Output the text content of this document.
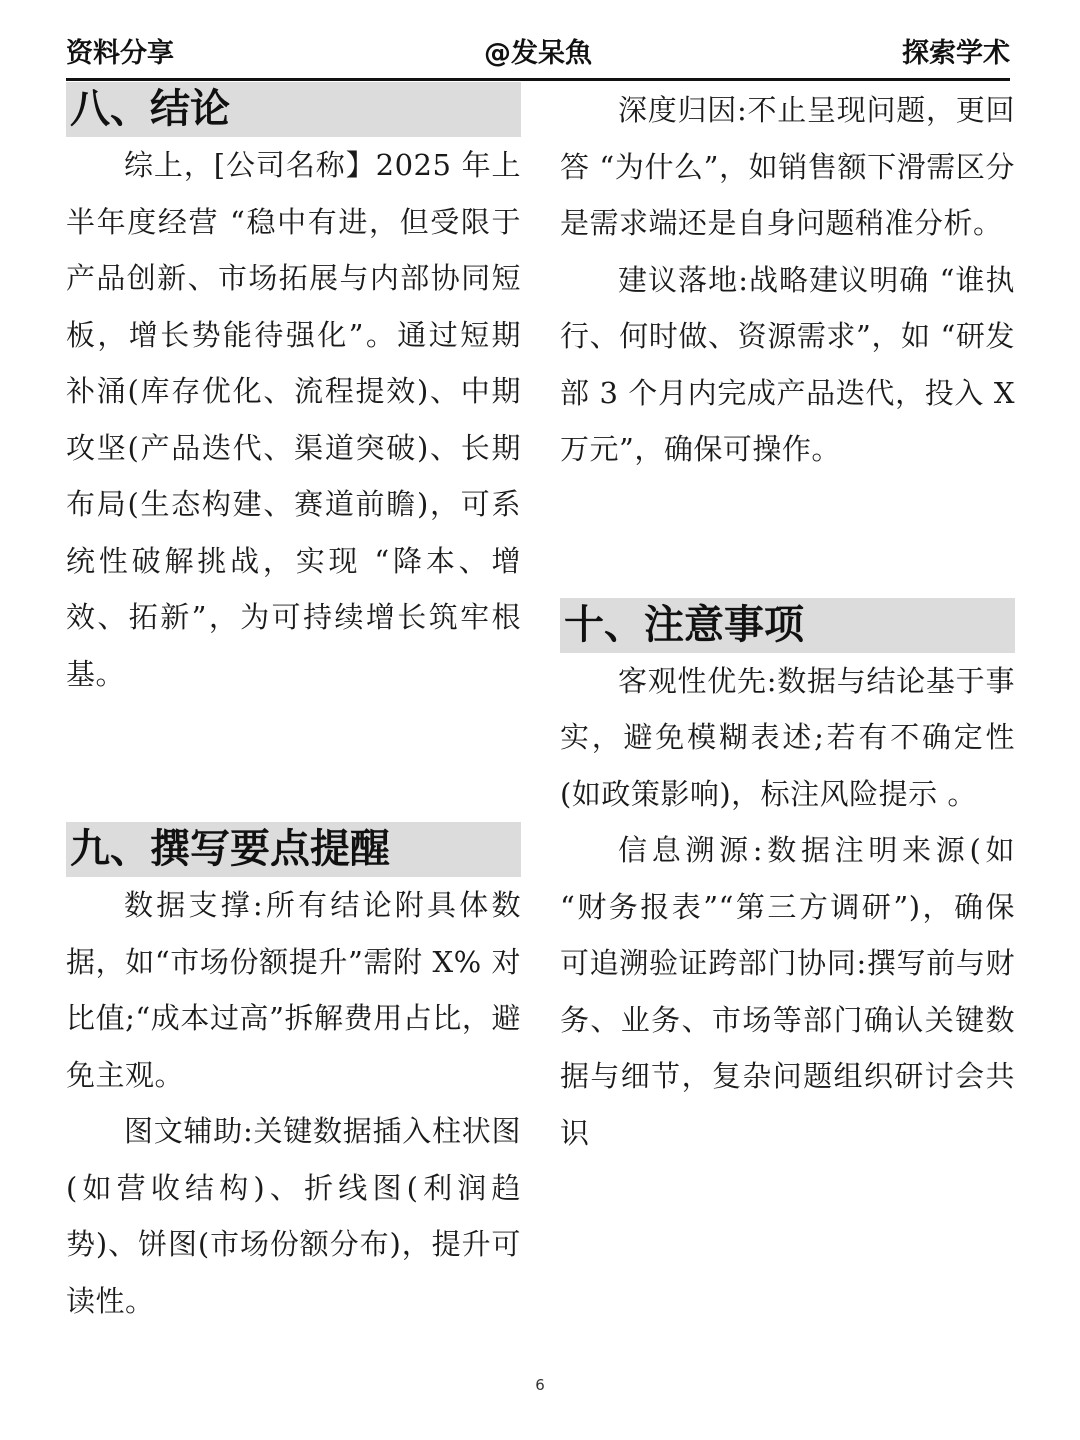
资料分享	@发呆魚	探索学术
八、结论

综上，[公司名称】2025 年上半年度经营 “稳中有进，但受限于产品创新、市场拓展与内部协同短板，增长势能待强化”。通过短期补涌(库存优化、流程提效)、中期攻坚(产品迭代、渠道突破)、长期布局(生态构建、赛道前瞻)，可系统性破解挑战，实现 “降本、增效、拓新”，为可持续增长筑牢根基。

九、撰写要点提醒

数据支撑:所有结论附具体数据，如“市场份额提升”需附 X% 对比值;“成本过高”拆解费用占比，避免主观。

图文辅助:关键数据插入柱状图(如营收结构)、折线图(利润趋势)、饼图(市场份额分布)，提升可读性。

深度归因:不止呈现问题，更回答 “为什么”，如销售额下滑需区分是需求端还是自身问题稍准分析。

建议落地:战略建议明确 “谁执行、何时做、资源需求”，如 “研发部 3 个月内完成产品迭代，投入 X 万元”，确保可操作。

十、注意事项

客观性优先:数据与结论基于事实，避免模糊表述;若有不确定性(如政策影响)，标注风险提示 。

信息溯源:数据注明来源(如 “财务报表”“第三方调研”)，确保可追溯验证跨部门协同:撰写前与财务、业务、市场等部门确认关键数据与细节，复杂问题组织研讨会共识

6
